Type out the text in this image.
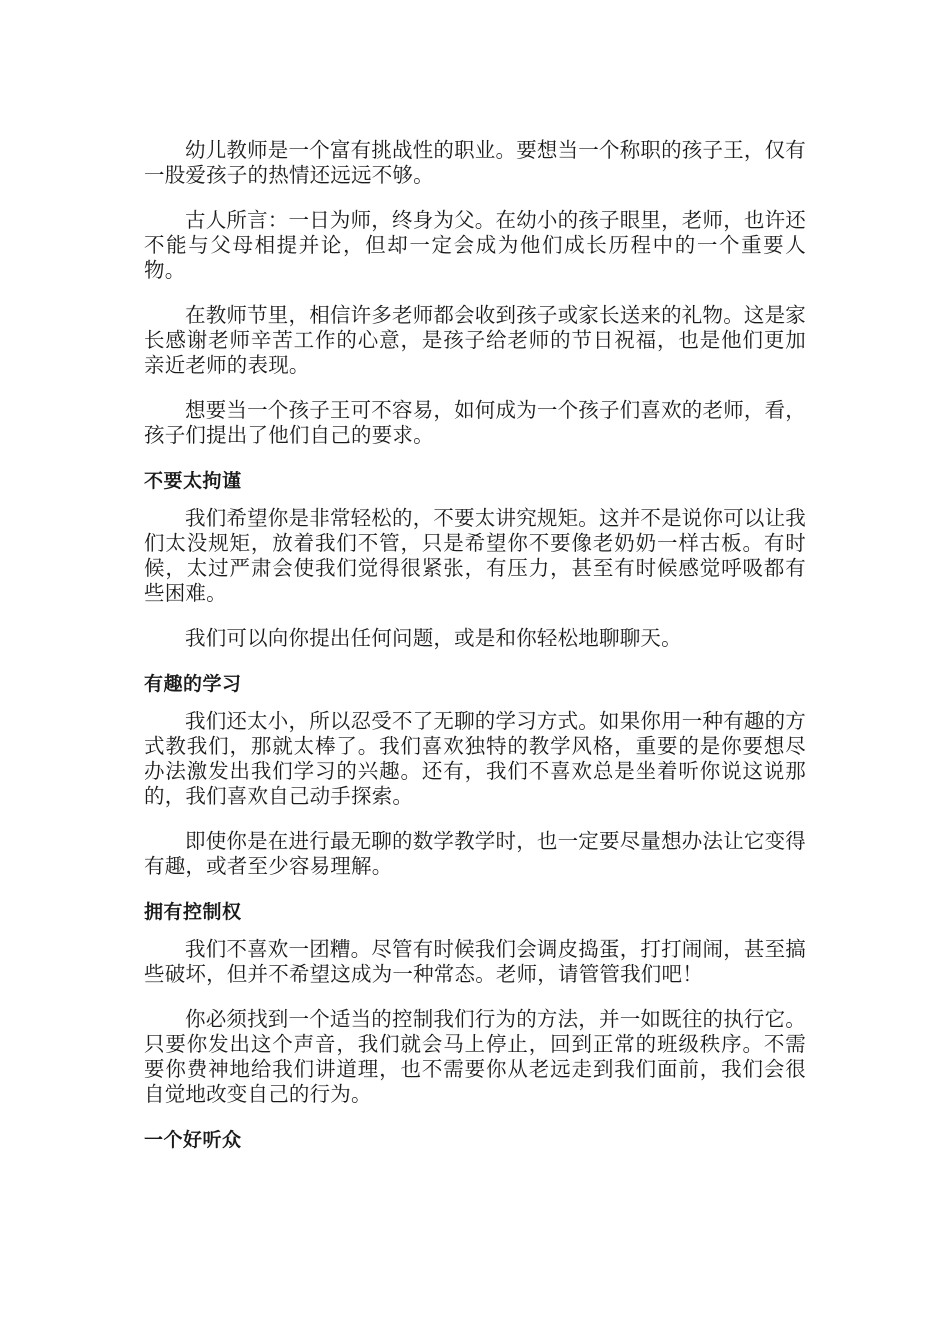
幼儿教师是一个富有挑战性的职业。要想当一个称职的孩子王，仅有一股爱孩子的热情还远远不够。

古人所言：一日为师，终身为父。在幼小的孩子眼里，老师，也许还不能与父母相提并论，但却一定会成为他们成长历程中的一个重要人物。

在教师节里，相信许多老师都会收到孩子或家长送来的礼物。这是家长感谢老师辛苦工作的心意，是孩子给老师的节日祝福，也是他们更加亲近老师的表现。

想要当一个孩子王可不容易，如何成为一个孩子们喜欢的老师，看，孩子们提出了他们自己的要求。

不要太拘谨

我们希望你是非常轻松的，不要太讲究规矩。这并不是说你可以让我们太没规矩，放着我们不管，只是希望你不要像老奶奶一样古板。有时候，太过严肃会使我们觉得很紧张，有压力，甚至有时候感觉呼吸都有些困难。

我们可以向你提出任何问题，或是和你轻松地聊聊天。

有趣的学习

我们还太小，所以忍受不了无聊的学习方式。如果你用一种有趣的方式教我们，那就太棒了。我们喜欢独特的教学风格，重要的是你要想尽办法激发出我们学习的兴趣。还有，我们不喜欢总是坐着听你说这说那的，我们喜欢自己动手探索。

即使你是在进行最无聊的数学教学时，也一定要尽量想办法让它变得有趣，或者至少容易理解。

拥有控制权

我们不喜欢一团糟。尽管有时候我们会调皮捣蛋，打打闹闹，甚至搞些破坏，但并不希望这成为一种常态。老师，请管管我们吧！

你必须找到一个适当的控制我们行为的方法，并一如既往的执行它。只要你发出这个声音，我们就会马上停止，回到正常的班级秩序。不需要你费神地给我们讲道理，也不需要你从老远走到我们面前，我们会很自觉地改变自己的行为。

一个好听众
